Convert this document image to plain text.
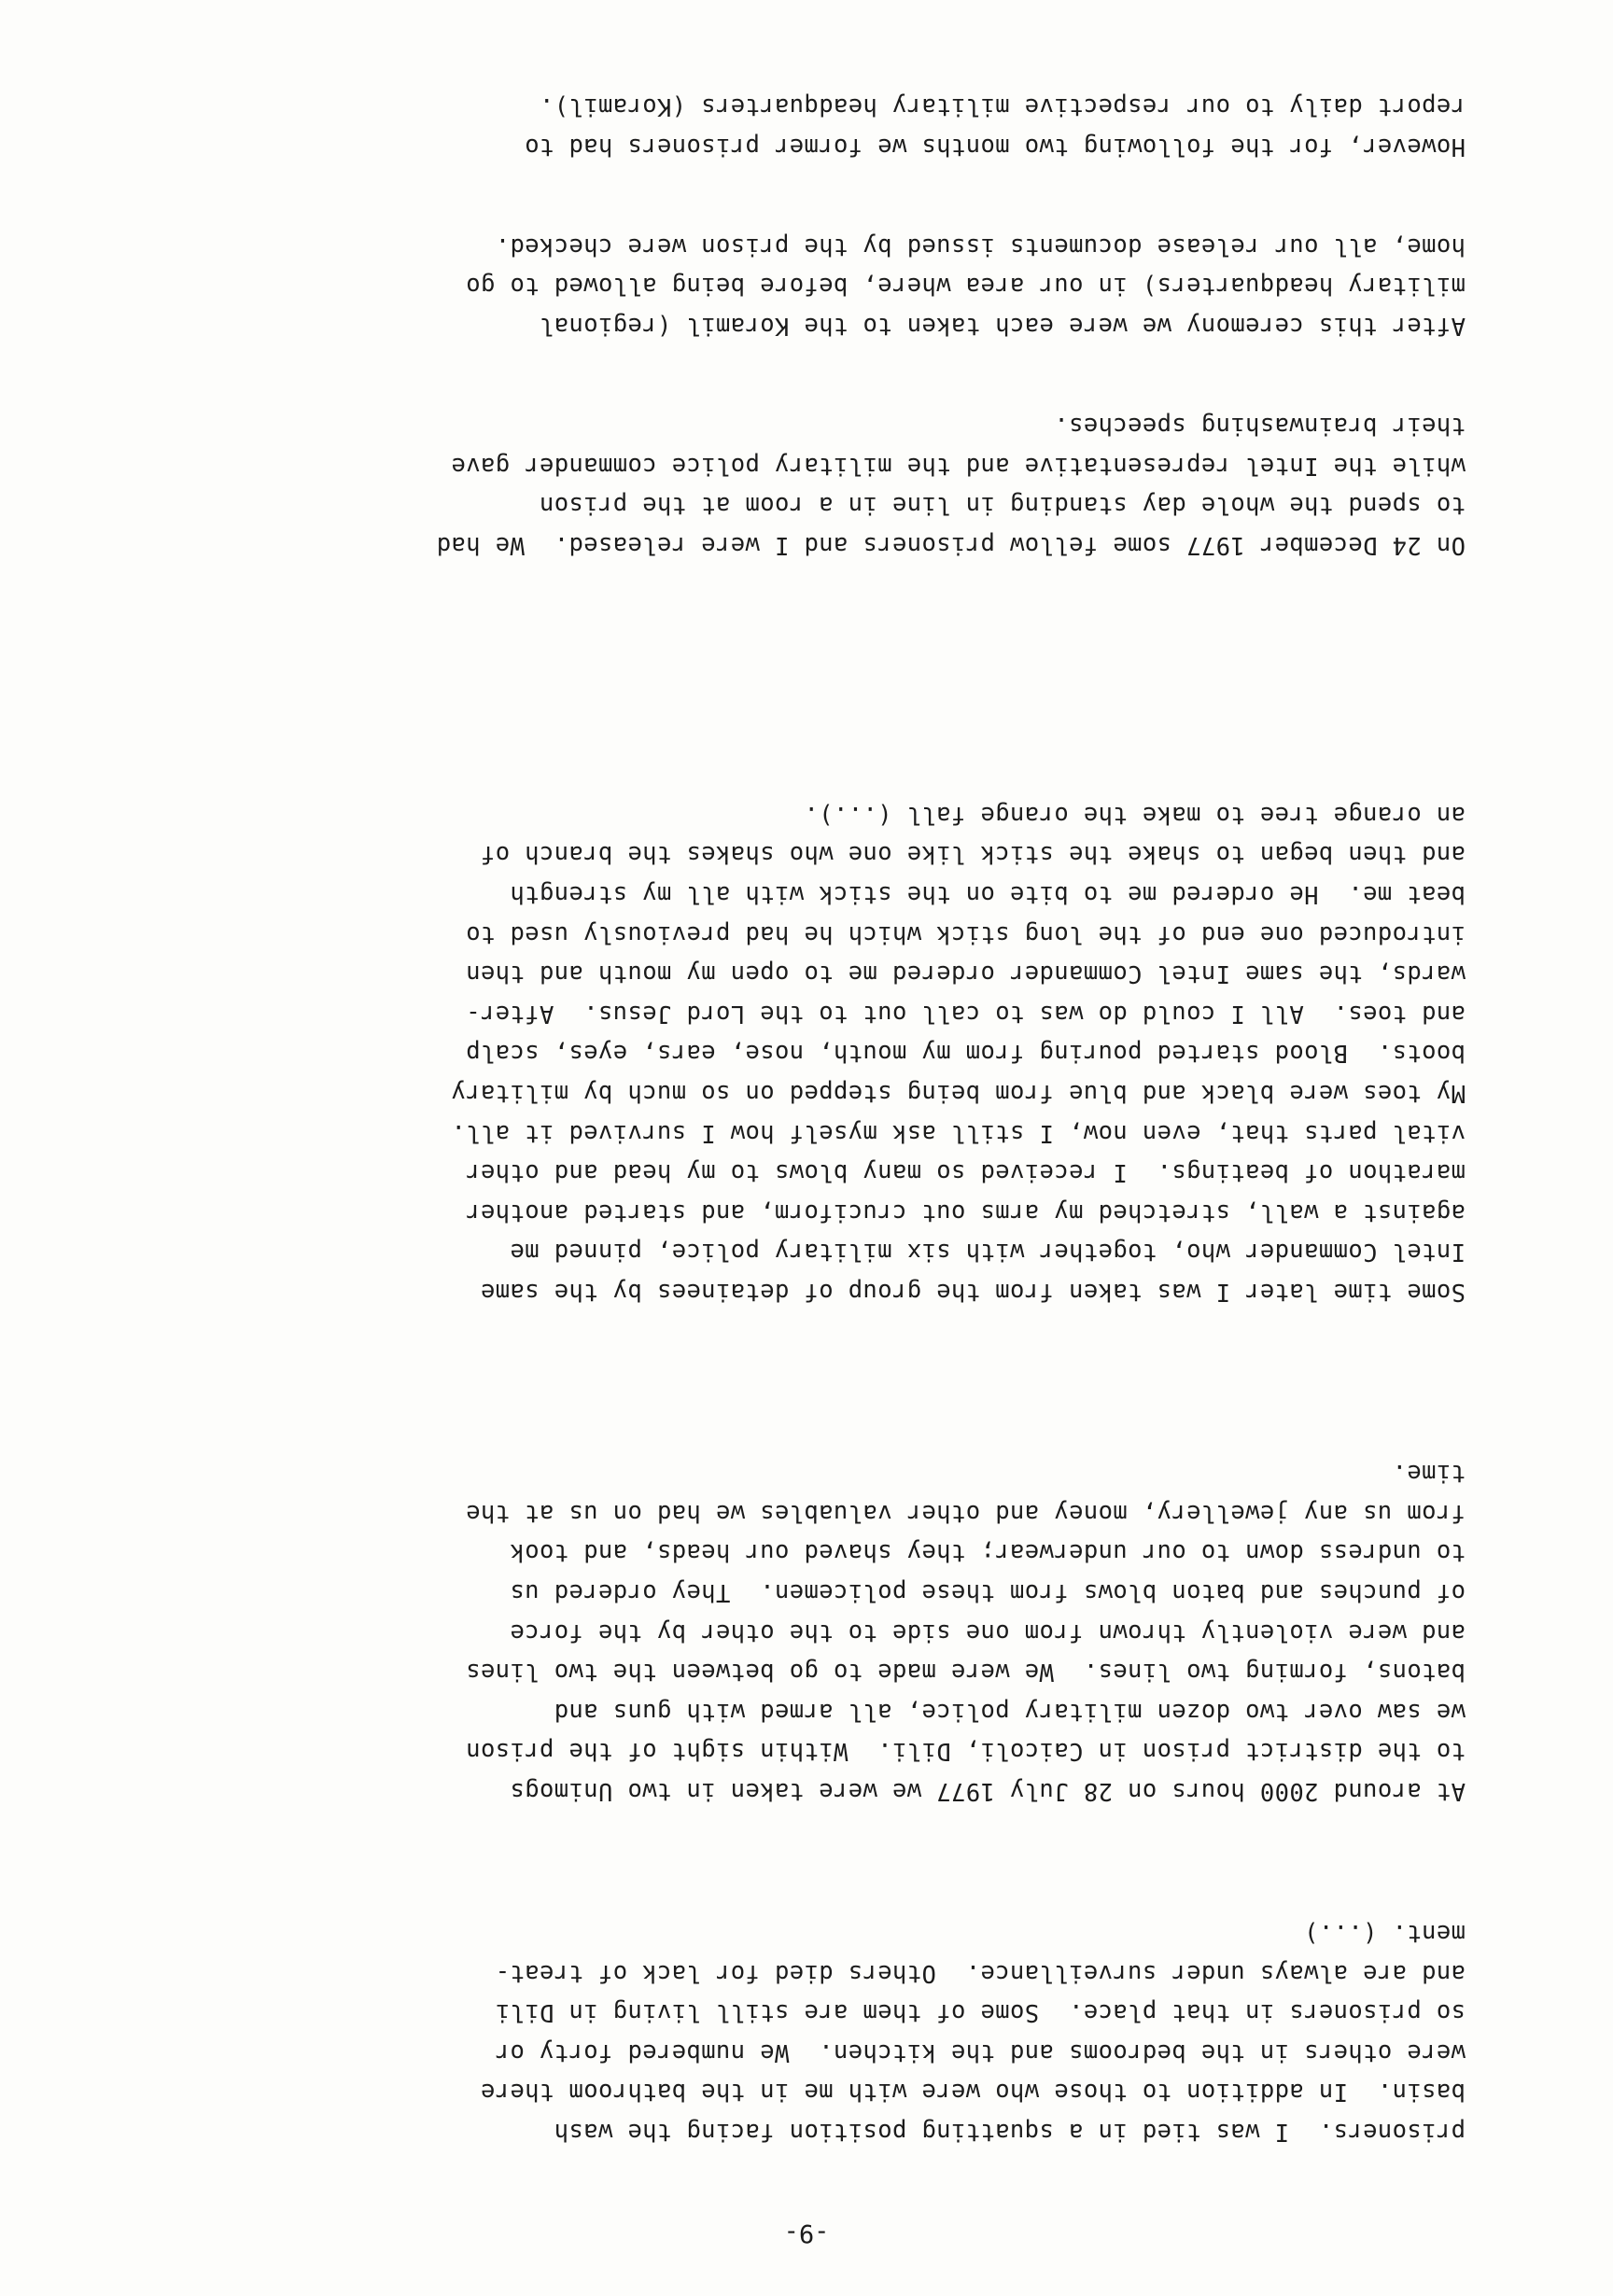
-9-
prisoners.  I was tied in a squatting position facing the wash
basin.  In addition to those who were with me in the bathroom there
were others in the bedrooms and the kitchen.  We numbered forty or
so prisoners in that place.  Some of them are still living in Dili
and are always under surveillance.  Others died for lack of treat-
ment. (...)
At around 2000 hours on 28 July 1977 we were taken in two Unimogs
to the district prison in Caicoli, Dili.  Within sight of the prison
we saw over two dozen military police, all armed with guns and
batons, forming two lines.  We were made to go between the two lines
and were violently thrown from one side to the other by the force
of punches and baton blows from these policemen.  They ordered us
to undress down to our underwear; they shaved our heads, and took
from us any jewellery, money and other valuables we had on us at the
time.
Some time later I was taken from the group of detainees by the same
Intel Commander who, together with six military police, pinned me
against a wall, stretched my arms out cruciform, and started another
marathon of beatings.  I received so many blows to my head and other
vital parts that, even now, I still ask myself how I survived it all.
My toes were black and blue from being stepped on so much by military
boots.  Blood started pouring from my mouth, nose, ears, eyes, scalp
and toes.  All I could do was to call out to the Lord Jesus.  After-
wards, the same Intel Commander ordered me to open my mouth and then
introduced one end of the long stick which he had previously used to
beat me.  He ordered me to bite on the stick with all my strength
and then began to shake the stick like one who shakes the branch of
an orange tree to make the orange fall (...).
On 24 December 1977 some fellow prisoners and I were released.  We had
to spend the whole day standing in line in a room at the prison
while the Intel representative and the military police commander gave
their brainwashing speeches.
After this ceremony we were each taken to the Koramil (regional
military headquarters) in our area where, before being allowed to go
home, all our release documents issued by the prison were checked.
However, for the following two months we former prisoners had to
report daily to our respective military headquarters (Koramil).
